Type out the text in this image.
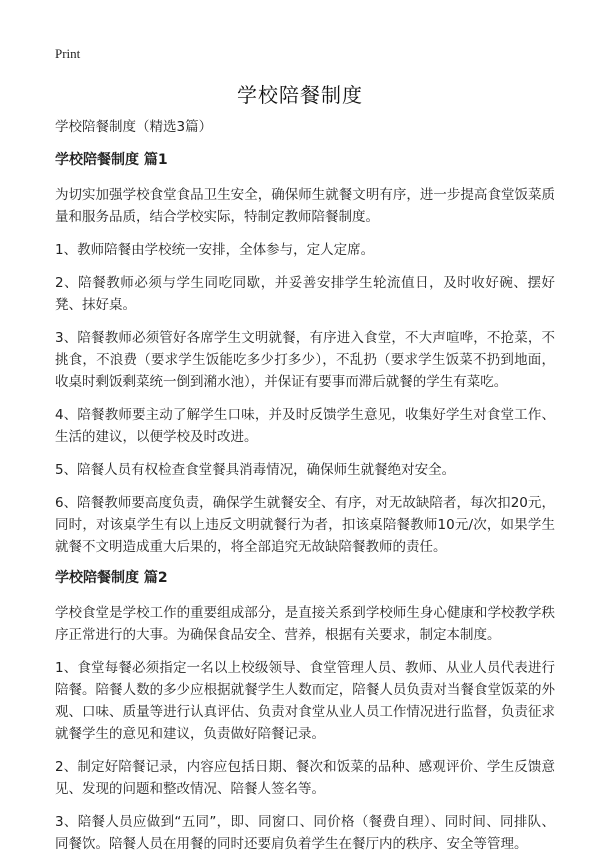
Print
学校陪餐制度

学校陪餐制度（精选3篇）

学校陪餐制度 篇1

为切实加强学校食堂食品卫生安全，确保师生就餐文明有序，进一步提高食堂饭菜质量和服务品质，结合学校实际，特制定教师陪餐制度。

1、教师陪餐由学校统一安排，全体参与，定人定席。

2、陪餐教师必须与学生同吃同歇，并妥善安排学生轮流值日，及时收好碗、摆好凳、抹好桌。

3、陪餐教师必须管好各席学生文明就餐，有序进入食堂，不大声喧哗，不抢菜，不挑食，不浪费（要求学生饭能吃多少打多少），不乱扔（要求学生饭菜不扔到地面，收桌时剩饭剩菜统一倒到潲水池），并保证有要事而滞后就餐的学生有菜吃。

4、陪餐教师要主动了解学生口味，并及时反馈学生意见，收集好学生对食堂工作、生活的建议，以便学校及时改进。

5、陪餐人员有权检查食堂餐具消毒情况，确保师生就餐绝对安全。

6、陪餐教师要高度负责，确保学生就餐安全、有序，对无故缺陪者，每次扣20元，同时，对该桌学生有以上违反文明就餐行为者，扣该桌陪餐教师10元/次，如果学生就餐不文明造成重大后果的，将全部追究无故缺陪餐教师的责任。

学校陪餐制度 篇2

学校食堂是学校工作的重要组成部分，是直接关系到学校师生身心健康和学校教学秩序正常进行的大事。为确保食品安全、营养，根据有关要求，制定本制度。

1、食堂每餐必须指定一名以上校级领导、食堂管理人员、教师、从业人员代表进行陪餐。陪餐人数的多少应根据就餐学生人数而定，陪餐人员负责对当餐食堂饭菜的外观、口味、质量等进行认真评估、负责对食堂从业人员工作情况进行监督，负责征求就餐学生的意见和建议，负责做好陪餐记录。

2、制定好陪餐记录，内容应包括日期、餐次和饭菜的品种、感观评价、学生反馈意见、发现的问题和整改情况、陪餐人签名等。

3、陪餐人员应做到“五同”，即、同窗口、同价格（餐费自理）、同时间、同排队、同餐饮。陪餐人员在用餐的同时还要肩负着学生在餐厅内的秩序、安全等管理。
